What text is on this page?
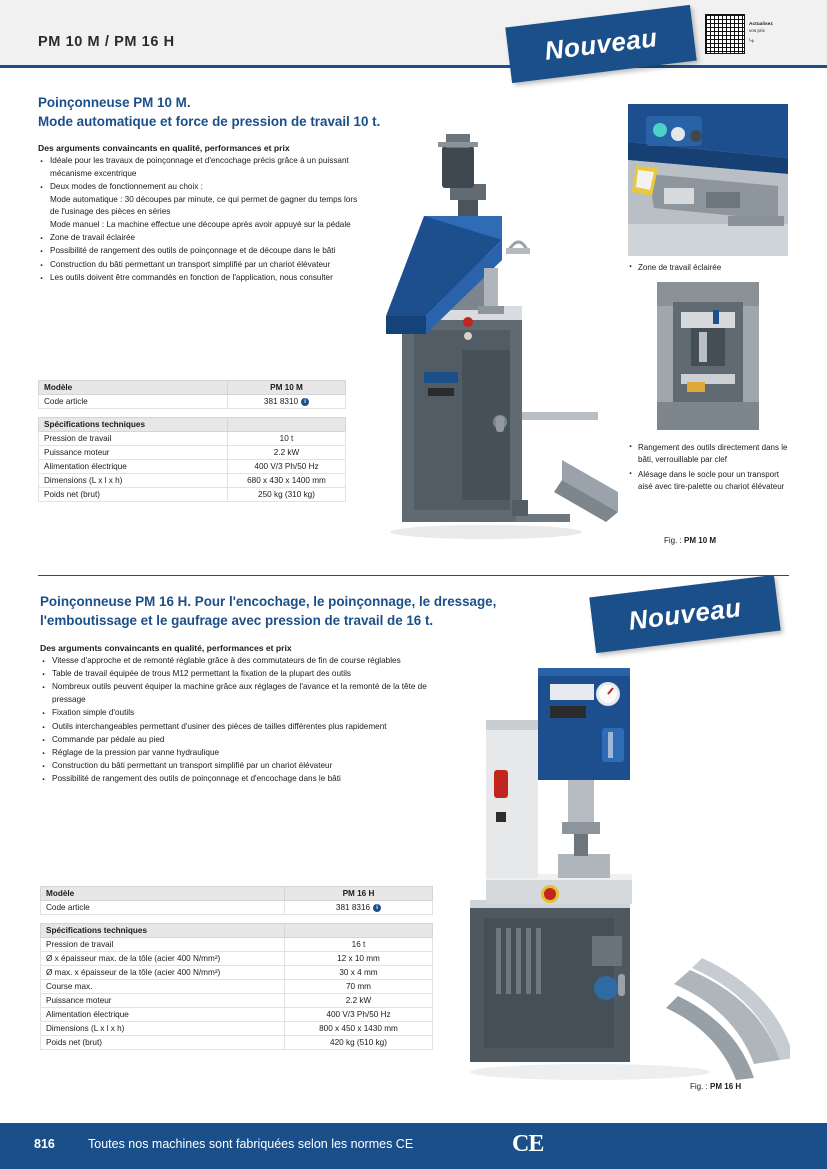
PM 10 M / PM 16 H
Actualisez
vos prix
⤷
Nouveau
Nouveau
Poinçonneuse PM 10 M.
Mode automatique et force de pression de travail 10 t.
Des arguments convaincants en qualité, performances et prix
· Idéale pour les travaux de poinçonnage et d'encochage précis grâce à un puissant mécanisme excentrique
· Deux modes de fonctionnement au choix :
Mode automatique : 30 découpes par minute, ce qui permet de gagner du temps lors de l'usinage des pièces en séries
Mode manuel : La machine effectue une découpe après avoir appuyé sur la pédale
· Zone de travail éclairée
· Possibilité de rangement des outils de poinçonnage et de découpe dans le bâti
· Construction du bâti permettant un transport simplifié par un chariot élévateur
· Les outils doivent être commandés en fonction de l'application, nous consulter
Modèle	PM 10 M
Code article	381 8310 i

Spécifications techniques	
Pression de travail	10 t
Puissance moteur	2.2 kW
Alimentation électrique	400 V/3 Ph/50 Hz
Dimensions (L x l x h)	680 x 430 x 1400 mm
Poids net (brut)	250 kg (310 kg)
· Zone de travail éclairée
· Rangement des outils directement dans le bâti, verrouillable par clef
· Alésage dans le socle pour un transport aisé avec tire-palette ou chariot élévateur
Fig. : PM 10 M
Poinçonneuse PM 16 H. Pour l'encochage, le poinçonnage, le dressage,
l'emboutissage et le gaufrage avec pression de travail de 16 t.
Des arguments convaincants en qualité, performances et prix
· Vitesse d'approche et de remonté réglable grâce à des commutateurs de fin de course réglables
· Table de travail équipée de trous M12 permettant la fixation de la plupart des outils
· Nombreux outils peuvent équiper la machine grâce aux réglages de l'avance et la remonté de la tête de pressage
· Fixation simple d'outils
· Outils interchangeables permettant d'usiner des pièces de tailles différentes plus rapidement
· Commande par pédale au pied
· Réglage de la pression par vanne hydraulique
· Construction du bâti permettant un transport simplifié par un chariot élévateur
· Possibilité de rangement des outils de poinçonnage et d'encochage dans le bâti
Modèle	PM 16 H
Code article	381 8316 i

Spécifications techniques	
Pression de travail	16 t
Ø x épaisseur max. de la tôle (acier 400 N/mm²)	12 x 10 mm
Ø max. x épaisseur de la tôle (acier 400 N/mm²)	30 x 4 mm
Course max.	70 mm
Puissance moteur	2.2 kW
Alimentation électrique	400 V/3 Ph/50 Hz
Dimensions (L x l x h)	800 x 450 x 1430 mm
Poids net (brut)	420 kg (510 kg)
Fig. : PM 16 H
816	Toutes nos machines sont fabriquées selon les normes CE	CE
